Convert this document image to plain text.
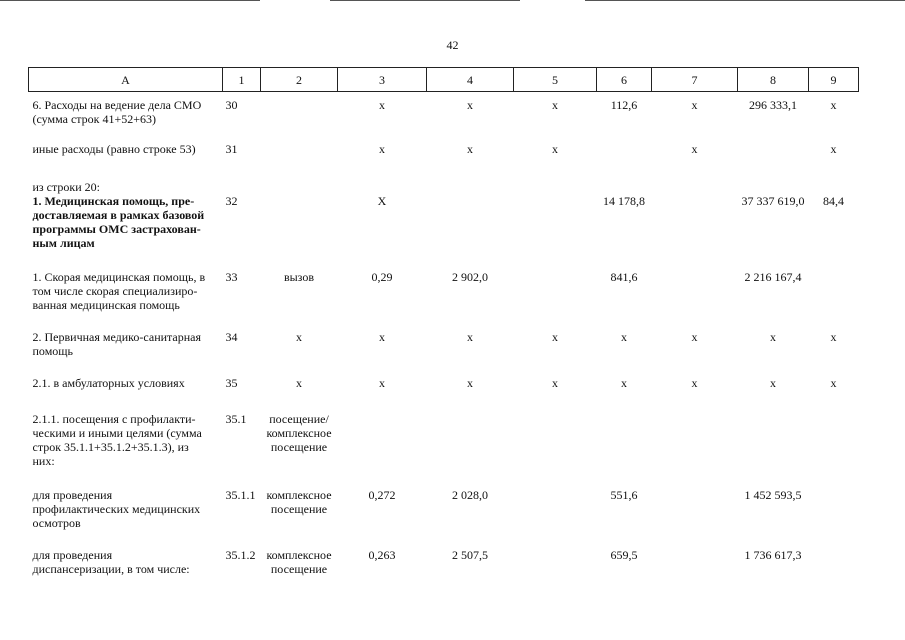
42
А	1	2	3	4	5	6	7	8	9

6. Расходы на ведение дела СМО
(сумма строк 41+52+63)	30		х	х	х	112,6	х	296 333,1	х

иные расходы (равно строке 53)	31		х	х	х		х		х

из строки 20:
1. Медицинская помощь, пре-
доставляемая в рамках базовой
программы ОМС застрахован-
ным лицам	32		Х			14 178,8		37 337 619,0	84,4

1. Скорая медицинская помощь, в
том числе скорая специализиро-
ванная медицинская помощь	33	вызов	0,29	2 902,0		841,6		2 216 167,4	

2. Первичная медико-санитарная
помощь	34	х	х	х	х	х	х	х	х

2.1. в амбулаторных условиях	35	х	х	х	х	х	х	х	х

2.1.1. посещения с профилакти-
ческими и иными целями (сумма
строк 35.1.1+35.1.2+35.1.3), из
них:	35.1	посещение/ комплексное посещение							

для проведения
профилактических медицинских
осмотров	35.1.1	комплексное посещение	0,272	2 028,0		551,6		1 452 593,5	

для проведения
диспансеризации, в том числе:	35.1.2	комплексное посещение	0,263	2 507,5		659,5		1 736 617,3	
